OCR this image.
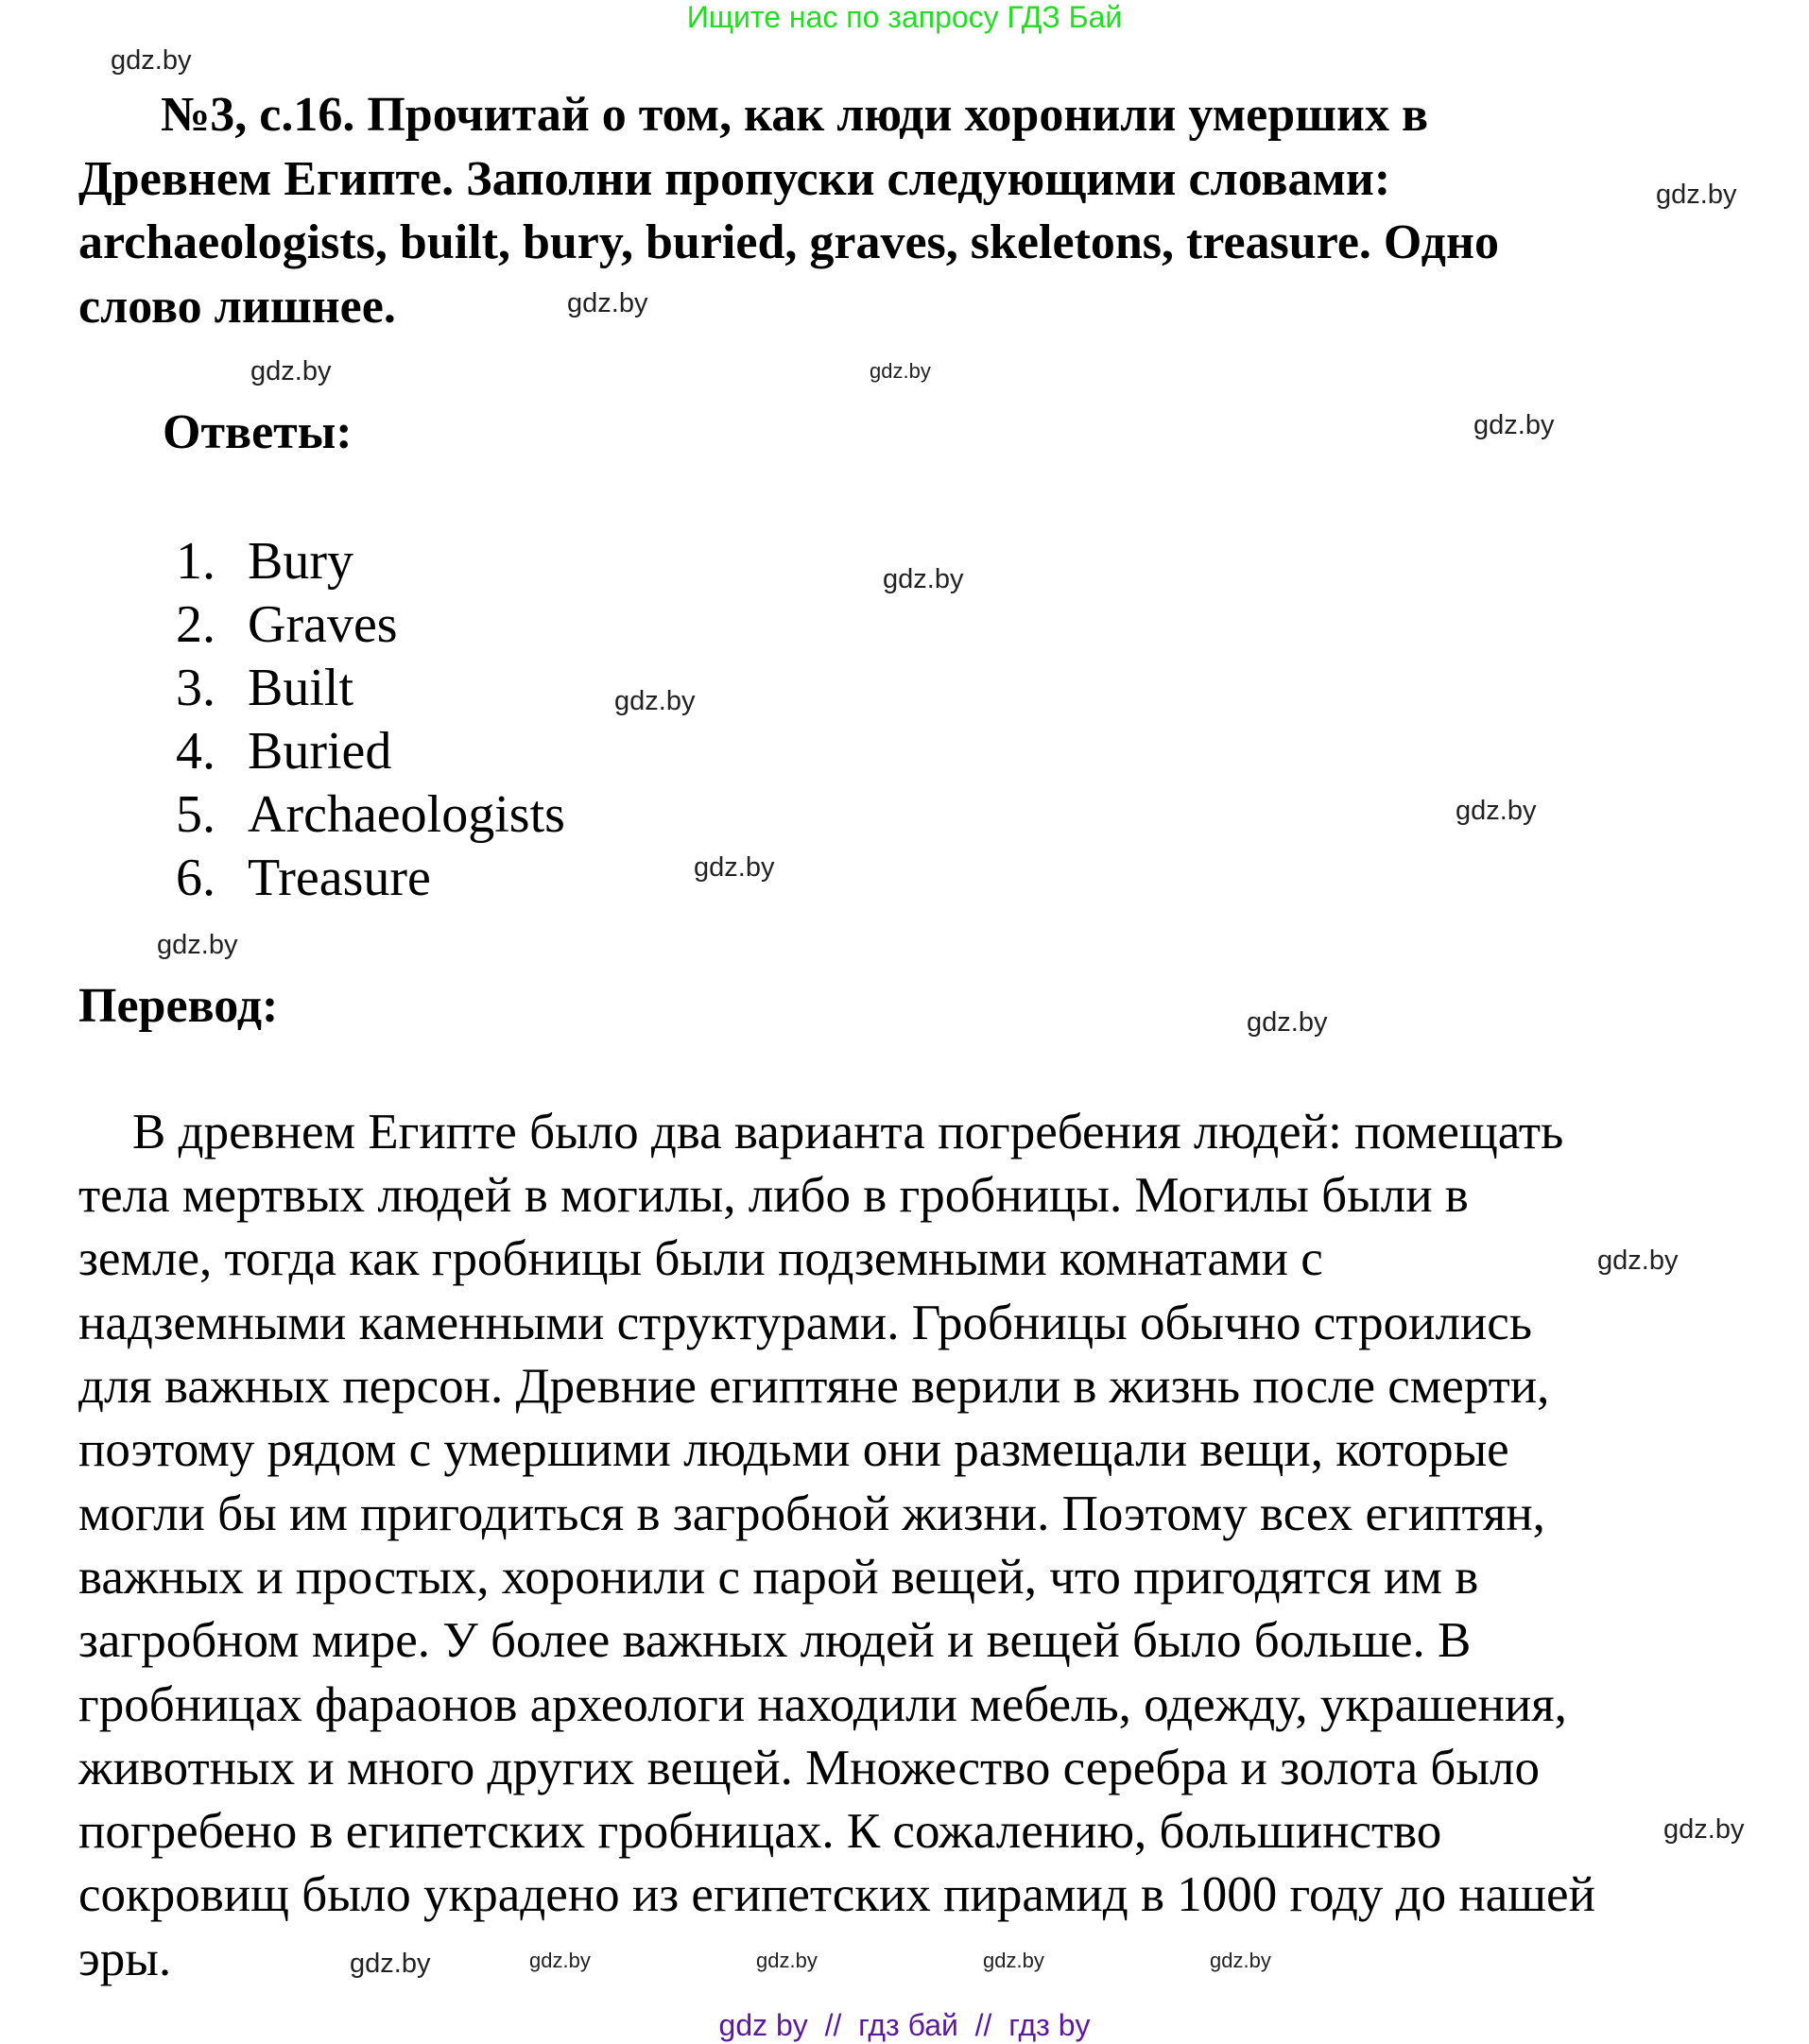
Ищите нас по запросу ГДЗ Бай
№3, с.16. Прочитай о том, как люди хоронили умерших в
Древнем Египте. Заполни пропуски следующими словами:
archaeologists, built, bury, buried, graves, skeletons, treasure. Одно
слово лишнее.
Ответы:
1. Bury
2. Graves
3. Built
4. Buried
5. Archaeologists
6. Treasure
Перевод:
В древнем Египте было два варианта погребения людей: помещать
тела мертвых людей в могилы, либо в гробницы. Могилы были в
земле, тогда как гробницы были подземными комнатами с
надземными каменными структурами. Гробницы обычно строились
для важных персон. Древние египтяне верили в жизнь после смерти,
поэтому рядом с умершими людьми они размещали вещи, которые
могли бы им пригодиться в загробной жизни. Поэтому всех египтян,
важных и простых, хоронили с парой вещей, что пригодятся им в
загробном мире. У более важных людей и вещей было больше. В
гробницах фараонов археологи находили мебель, одежду, украшения,
животных и много других вещей. Множество серебра и золота было
погребено в египетских гробницах. К сожалению, большинство
сокровищ было украдено из египетских пирамид в 1000 году до нашей
эры.
gdz.by
gdz.by
gdz.by
gdz.by
gdz.by
gdz.by
gdz.by
gdz.by
gdz.by
gdz.by
gdz.by
gdz.by
gdz.by
gdz.by	gdz.by	gdz.by	gdz.by
gdz.by
gdz.by
gdz by  //  гдз бай  //  гдз by
